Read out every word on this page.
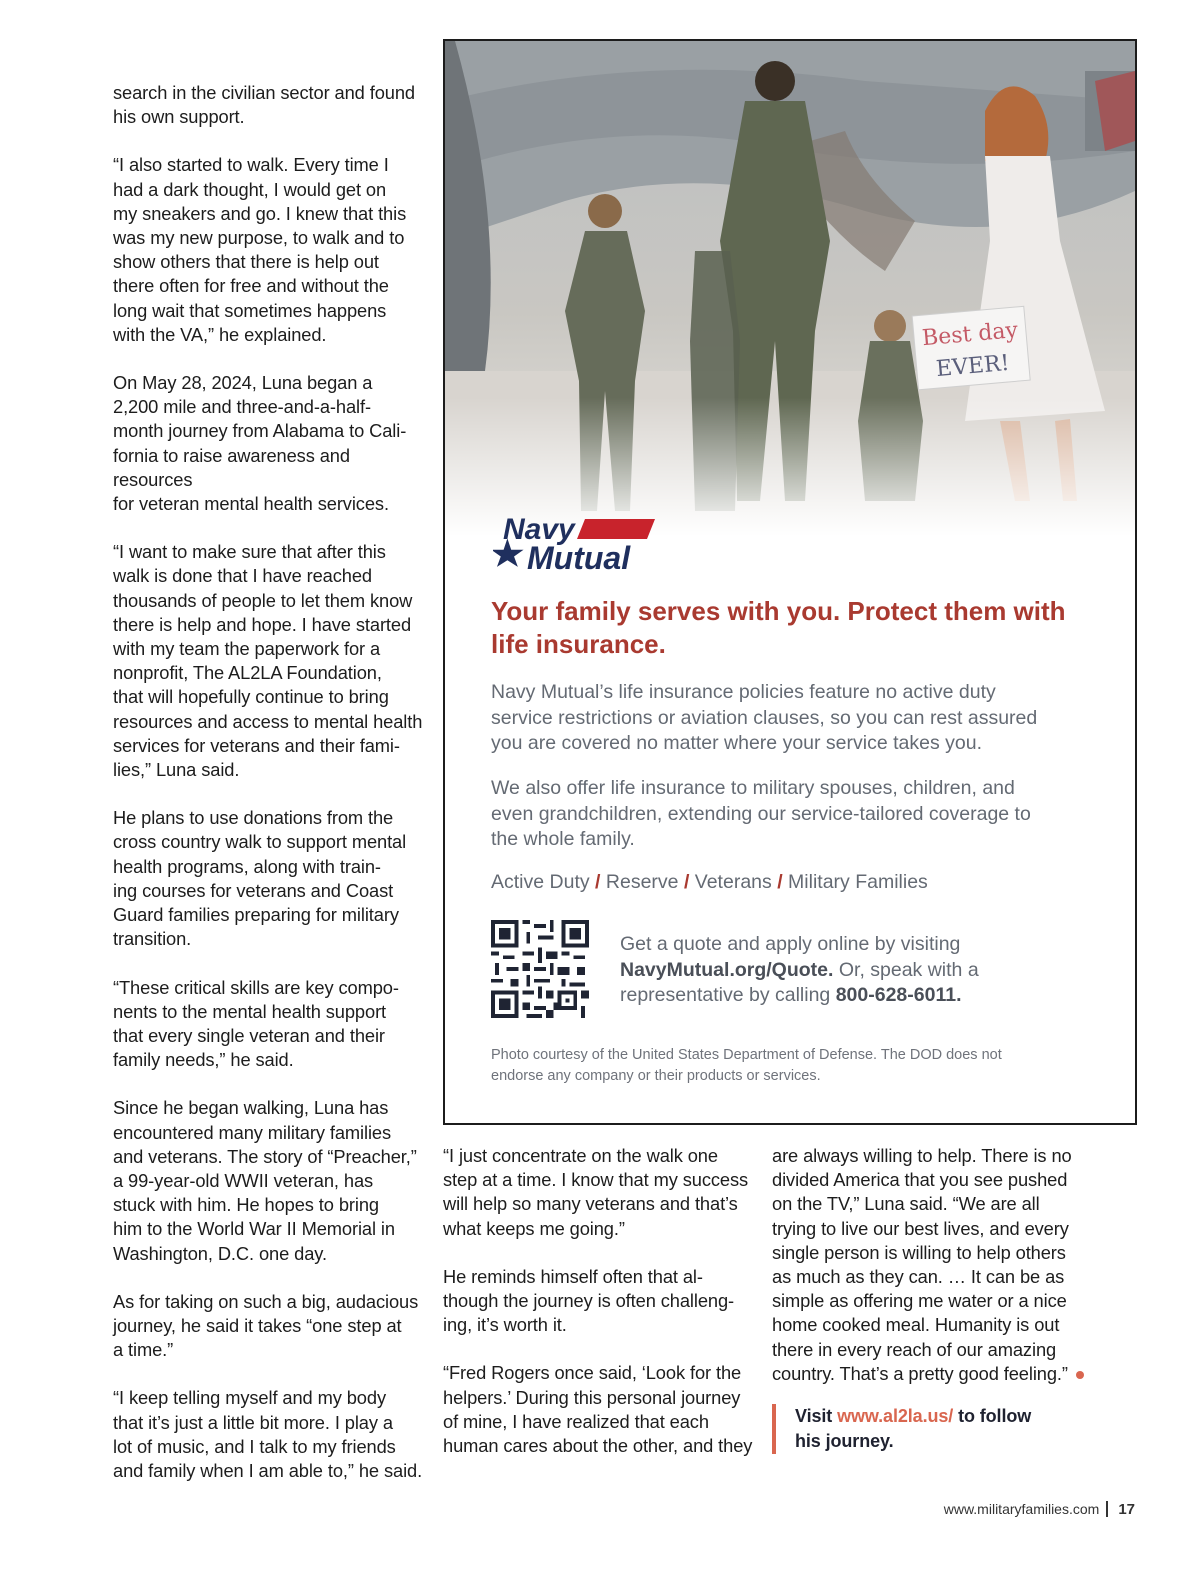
search in the civilian sector and found
his own support.

“I also started to walk. Every time I
had a dark thought, I would get on
my sneakers and go. I knew that this
was my new purpose, to walk and to
show others that there is help out
there often for free and without the
long wait that sometimes happens
with the VA,” he explained.

On May 28, 2024, Luna began a
2,200 mile and three-and-a-half-
month journey from Alabama to Cali-
fornia to raise awareness and resources
for veteran mental health services.

“I want to make sure that after this
walk is done that I have reached
thousands of people to let them know
there is help and hope. I have started
with my team the paperwork for a
nonprofit, The AL2LA Foundation,
that will hopefully continue to bring
resources and access to mental health
services for veterans and their fami-
lies,” Luna said.

He plans to use donations from the
cross country walk to support mental
health programs, along with train-
ing courses for veterans and Coast
Guard families preparing for military
transition.

“These critical skills are key compo-
nents to the mental health support
that every single veteran and their
family needs,” he said.

Since he began walking, Luna has
encountered many military families
and veterans. The story of “Preacher,”
a 99-year-old WWII veteran, has
stuck with him. He hopes to bring
him to the World War II Memorial in
Washington, D.C. one day.

As for taking on such a big, audacious
journey, he said it takes “one step at
a time.”

“I keep telling myself and my body
that it’s just a little bit more. I play a
lot of music, and I talk to my friends
and family when I am able to,” he said.

“I just concentrate on the walk one
step at a time. I know that my success
will help so many veterans and that’s
what keeps me going.”

He reminds himself often that al-
though the journey is often challeng-
ing, it’s worth it.

“Fred Rogers once said, ‘Look for the
helpers.’ During this personal journey
of mine, I have realized that each
human cares about the other, and they

are always willing to help. There is no
divided America that you see pushed
on the TV,” Luna said. “We are all
trying to live our best lives, and every
single person is willing to help others
as much as they can. … It can be as
simple as offering me water or a nice
home cooked meal. Humanity is out
there in every reach of our amazing
country. That’s a pretty good feeling.”

Visit www.al2la.us/ to follow
his journey.
Navy
Mutual

Your family serves with you. Protect them with
life insurance.

Navy Mutual’s life insurance policies feature no active duty
service restrictions or aviation clauses, so you can rest assured
you are covered no matter where your service takes you.

We also offer life insurance to military spouses, children, and
even grandchildren, extending our service-tailored coverage to
the whole family.

Active Duty / Reserve / Veterans / Military Families

Get a quote and apply online by visiting
NavyMutual.org/Quote. Or, speak with a
representative by calling 800-628-6011.

Photo courtesy of the United States Department of Defense. The DOD does not
endorse any company or their products or services.

www.militaryfamilies.com 17
